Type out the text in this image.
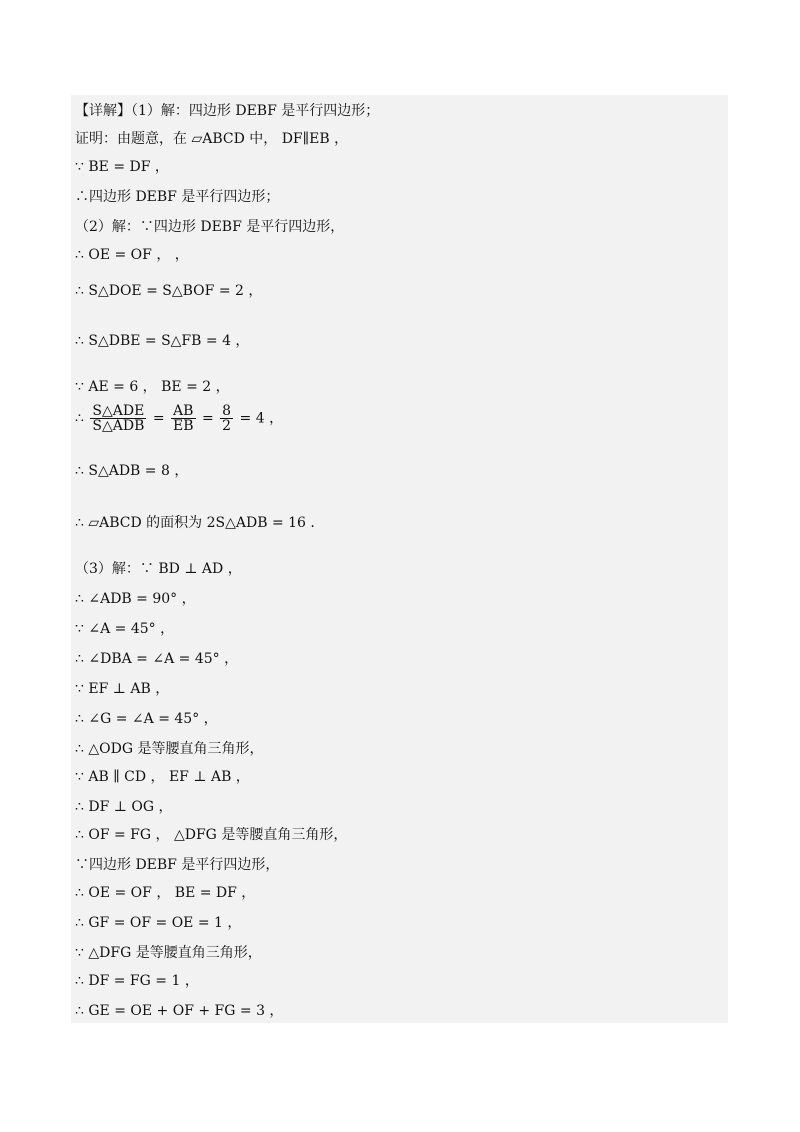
【详解】（1）解：四边形 DEBF 是平行四边形；
证明：由题意，在 ▱ABCD 中， DF∥EB ，
∵ BE = DF ，
∴四边形 DEBF 是平行四边形；
（2）解：∵四边形 DEBF 是平行四边形，
∴ OE = OF ， ，
∴ S△DOE = S△BOF = 2 ，
∴ S△DBE = S△FB = 4 ，
∵ AE = 6 ， BE = 2 ，
∴ S△ADE
S△ADB = $\frac{AB}{EB} = \frac{8}{2} = 4$ ，
∴ S△ADB = 8 ，
∴ ▱ABCD 的面积为 2S△ADB = 16 .
（3）解：∵ BD ⊥ AD ，
∴ ∠ADB = 90° ，
∵ ∠A = 45° ，
∴ ∠DBA = ∠A = 45° ，
∵ EF ⊥ AB ，
∴ ∠G = ∠A = 45° ，
∴ △ODG 是等腰直角三角形，
∵ AB ∥ CD ， EF ⊥ AB ，
∴ DF ⊥ OG ，
∴ OF = FG ， △DFG 是等腰直角三角形，
∵四边形 DEBF 是平行四边形，
∴ OE = OF ， BE = DF ，
∴ GF = OF = OE = 1 ，
∵ △DFG 是等腰直角三角形，
∴ DF = FG = 1 ，
∴ GE = OE + OF + FG = 3 ，
